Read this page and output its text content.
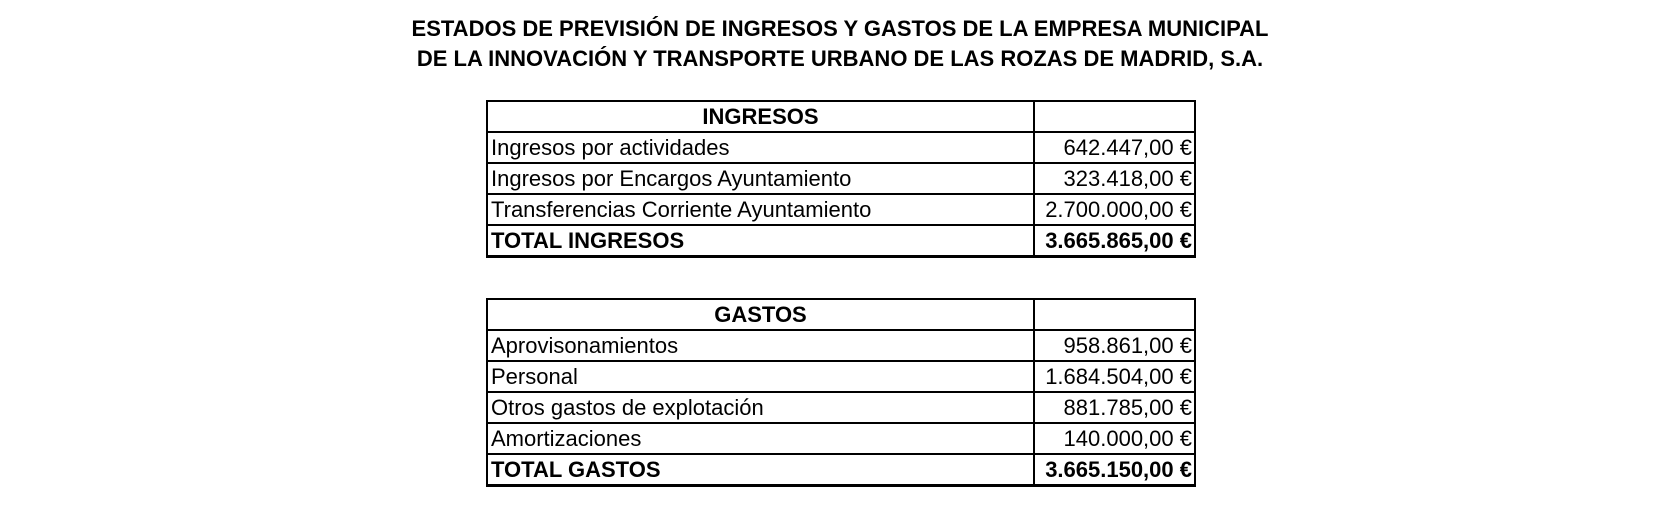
ESTADOS DE PREVISIÓN DE INGRESOS Y GASTOS DE LA EMPRESA MUNICIPAL
DE LA INNOVACIÓN Y TRANSPORTE URBANO DE LAS ROZAS DE MADRID, S.A.
INGRESOS	
Ingresos por actividades	642.447,00 €
Ingresos por Encargos Ayuntamiento	323.418,00 €
Transferencias Corriente Ayuntamiento	2.700.000,00 €
TOTAL INGRESOS	3.665.865,00 €
GASTOS	
Aprovisonamientos	958.861,00 €
Personal	1.684.504,00 €
Otros gastos de explotación	881.785,00 €
Amortizaciones	140.000,00 €
TOTAL GASTOS	3.665.150,00 €
